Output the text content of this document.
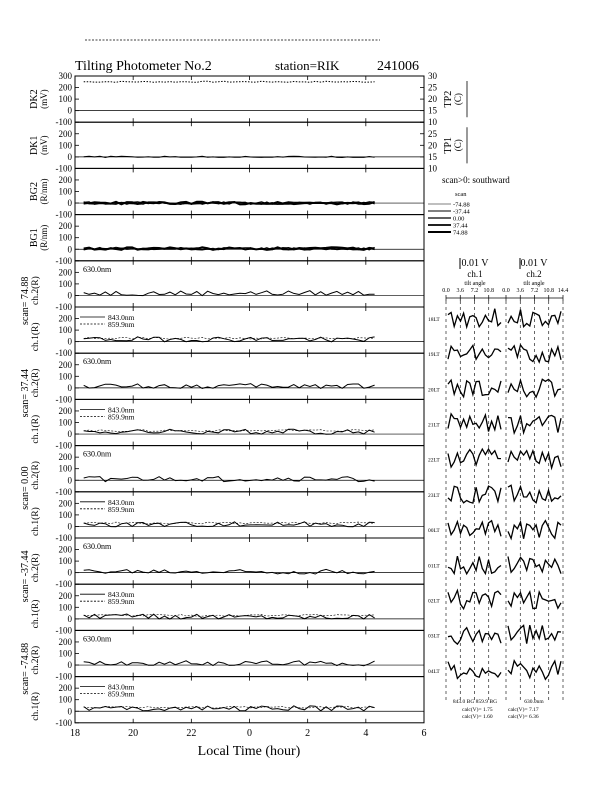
Tilting Photometer No.2	station=RIK	241006
Local Time (hour)
-100
0
100
200
300
DK2 (mV)
10
15
20
25
30
TP2 (C)
-100
0
100
200
DK1 (mV)
10
15
20
25
TP1 (C)
-100
0
100
200
BG2 (R/nm)
-100
0
100
200
BG1 (R/nm)
-100
0
100
200
ch.2(R)
scan= 74.88
630.0nm
-100
0
100
200
ch.1(R)
843.0nm
859.9nm
-100
0
100
200
ch.2(R)
scan= 37.44
630.0nm
-100
0
100
200
ch.1(R)
843.0nm
859.9nm
-100
0
100
200
ch.2(R)
scan= 0.00
630.0nm
-100
0
100
200
ch.1(R)
843.0nm
859.9nm
-100
0
100
200
ch.2(R)
scan= -37.44
630.0nm
-100
0
100
200
ch.1(R)
843.0nm
859.9nm
-100
0
100
200
ch.2(R)
scan= -74.88
630.0nm
-100
0
100
200
ch.1(R)
843.0nm
859.9nm
18	20	22	0	2	4	6
scan>0: southward
scan
-74.88
-37.44
0.00
37.44
74.88
0.01 V
ch.1
0.01 V
ch.2
tilt angle	tilt angle
0.0 3.6 7.2 10.8 0.0 3.6 7.2 10.8 14.4
18LT
19LT
20LT
21LT
22LT
23LT
00LT
01LT
02LT
03LT
04LT
843.0 BG 859.9 BG
calc(V)= 1.75
calc(V)= 1.60
630.0nm
calc(V)= 7.17
calc(V)= 6.36
